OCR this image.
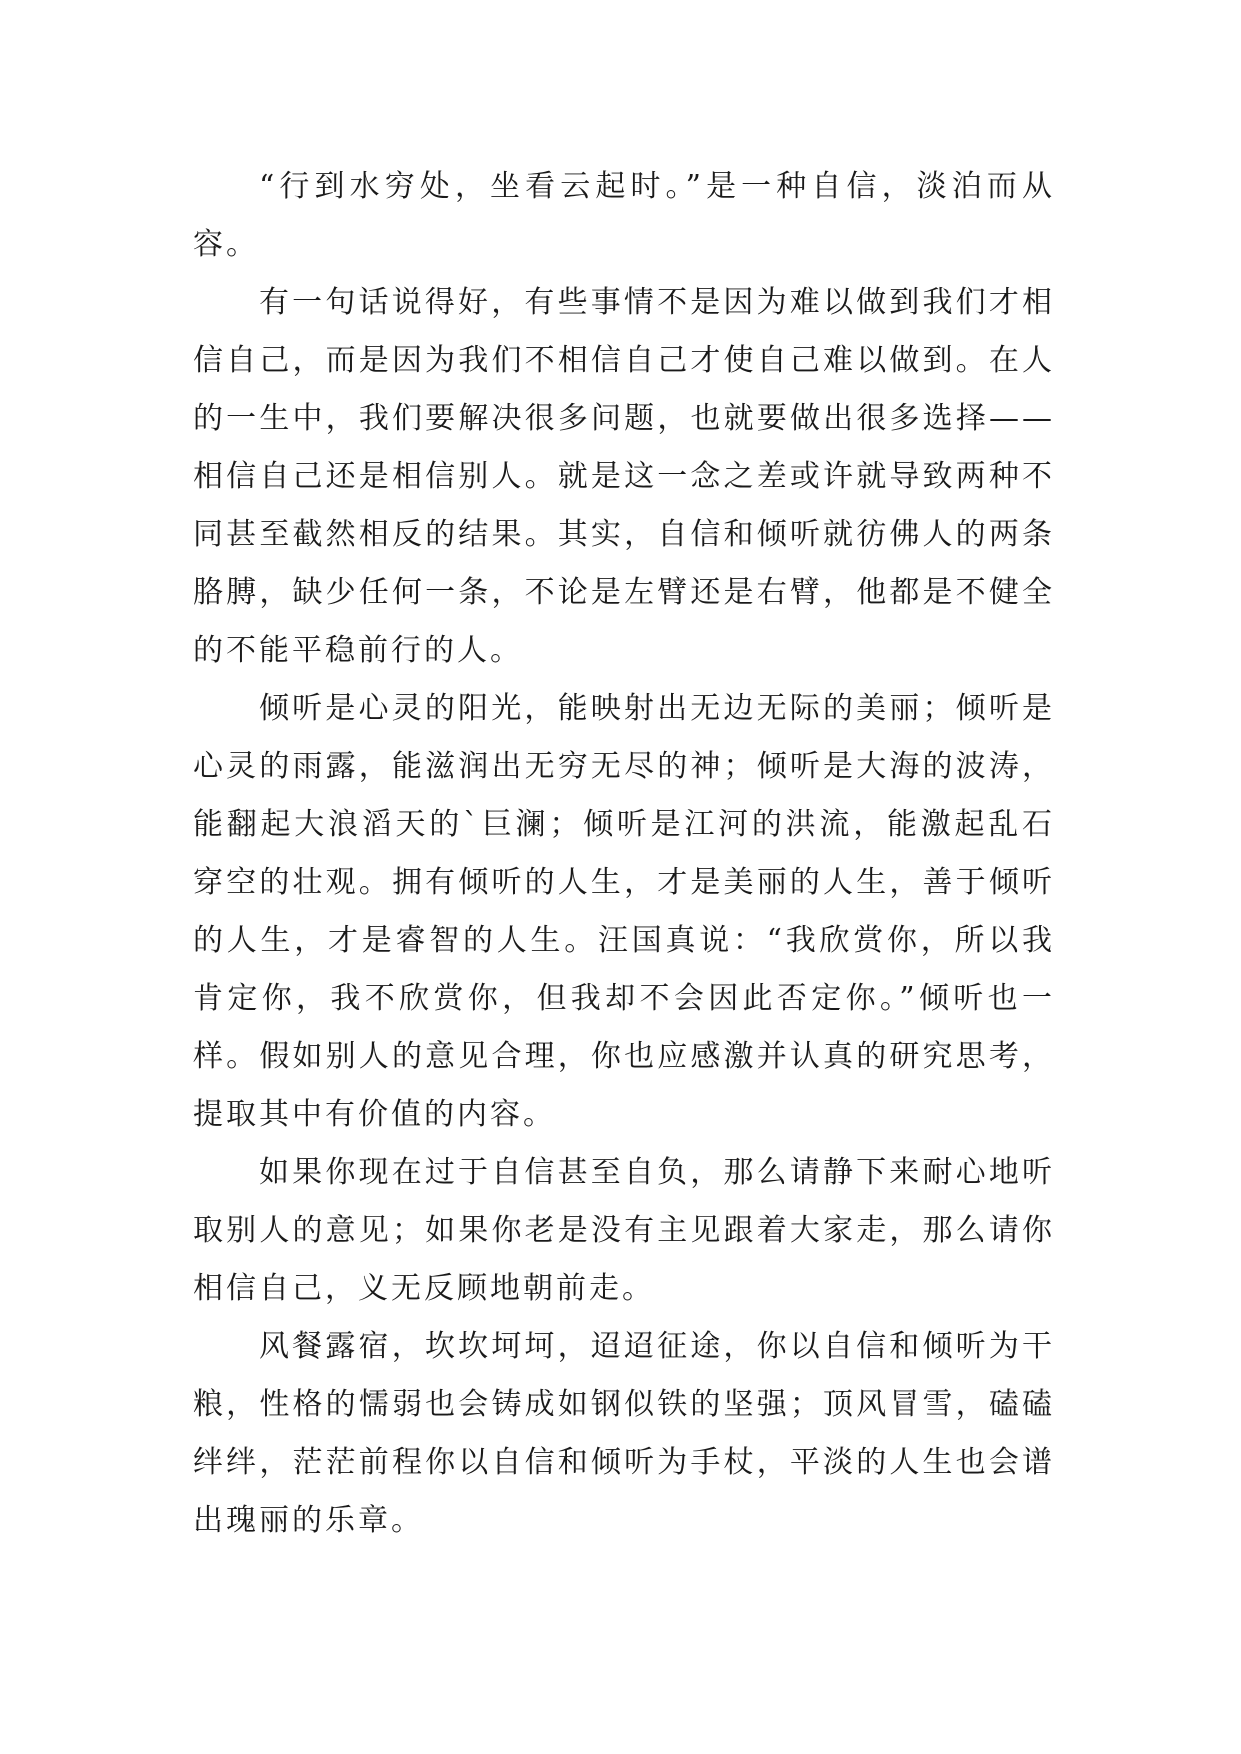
“行到水穷处，坐看云起时。”是一种自信，淡泊而从容。

有一句话说得好，有些事情不是因为难以做到我们才相信自己，而是因为我们不相信自己才使自己难以做到。在人的一生中，我们要解决很多问题，也就要做出很多选择——相信自己还是相信别人。就是这一念之差或许就导致两种不同甚至截然相反的结果。其实，自信和倾听就彷佛人的两条胳膊，缺少任何一条，不论是左臂还是右臂，他都是不健全的不能平稳前行的人。

倾听是心灵的阳光，能映射出无边无际的美丽；倾听是心灵的雨露，能滋润出无穷无尽的神；倾听是大海的波涛，能翻起大浪滔天的`巨澜；倾听是江河的洪流，能激起乱石穿空的壮观。拥有倾听的人生，才是美丽的人生，善于倾听的人生，才是睿智的人生。汪国真说：“我欣赏你，所以我肯定你，我不欣赏你，但我却不会因此否定你。”倾听也一样。假如别人的意见合理，你也应感激并认真的研究思考，提取其中有价值的内容。

如果你现在过于自信甚至自负，那么请静下来耐心地听取别人的意见；如果你老是没有主见跟着大家走，那么请你相信自己，义无反顾地朝前走。

风餐露宿，坎坎坷坷，迢迢征途，你以自信和倾听为干粮，性格的懦弱也会铸成如钢似铁的坚强；顶风冒雪，磕磕绊绊，茫茫前程你以自信和倾听为手杖，平淡的人生也会谱出瑰丽的乐章。
